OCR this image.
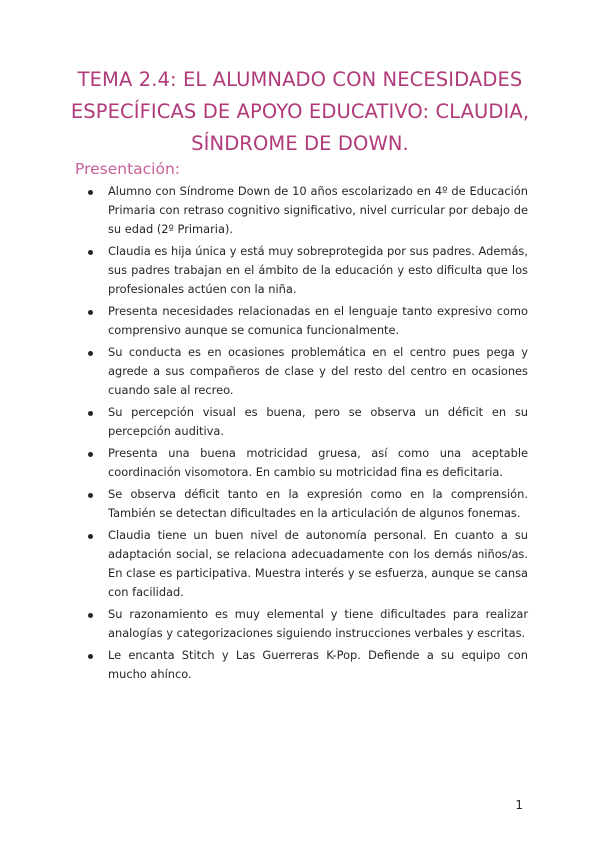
TEMA 2.4: EL ALUMNADO CON NECESIDADES ESPECÍFICAS DE APOYO EDUCATIVO: CLAUDIA, SÍNDROME DE DOWN.
Presentación:
Alumno con Síndrome Down de 10 años escolarizado en 4º de Educación Primaria con retraso cognitivo significativo, nivel curricular por debajo de su edad (2º Primaria).
Claudia es hija única y está muy sobreprotegida por sus padres. Además, sus padres trabajan en el ámbito de la educación y esto dificulta que los profesionales actúen con la niña.
Presenta necesidades relacionadas en el lenguaje tanto expresivo como comprensivo aunque se comunica funcionalmente.
Su conducta es en ocasiones problemática en el centro pues pega y agrede a sus compañeros de clase y del resto del centro en ocasiones cuando sale al recreo.
Su percepción visual es buena, pero se observa un déficit en su percepción auditiva.
Presenta una buena motricidad gruesa, así como una aceptable coordinación visomotora. En cambio su motricidad fina es deficitaria.
Se observa déficit tanto en la expresión como en la comprensión. También se detectan dificultades en la articulación de algunos fonemas.
Claudia tiene un buen nivel de autonomía personal. En cuanto a su adaptación social, se relaciona adecuadamente con los demás niños/as. En clase es participativa. Muestra interés y se esfuerza, aunque se cansa con facilidad.
Su razonamiento es muy elemental y tiene dificultades para realizar analogías y categorizaciones siguiendo instrucciones verbales y escritas.
Le encanta Stitch y Las Guerreras K-Pop. Defiende a su equipo con mucho ahínco.
1
